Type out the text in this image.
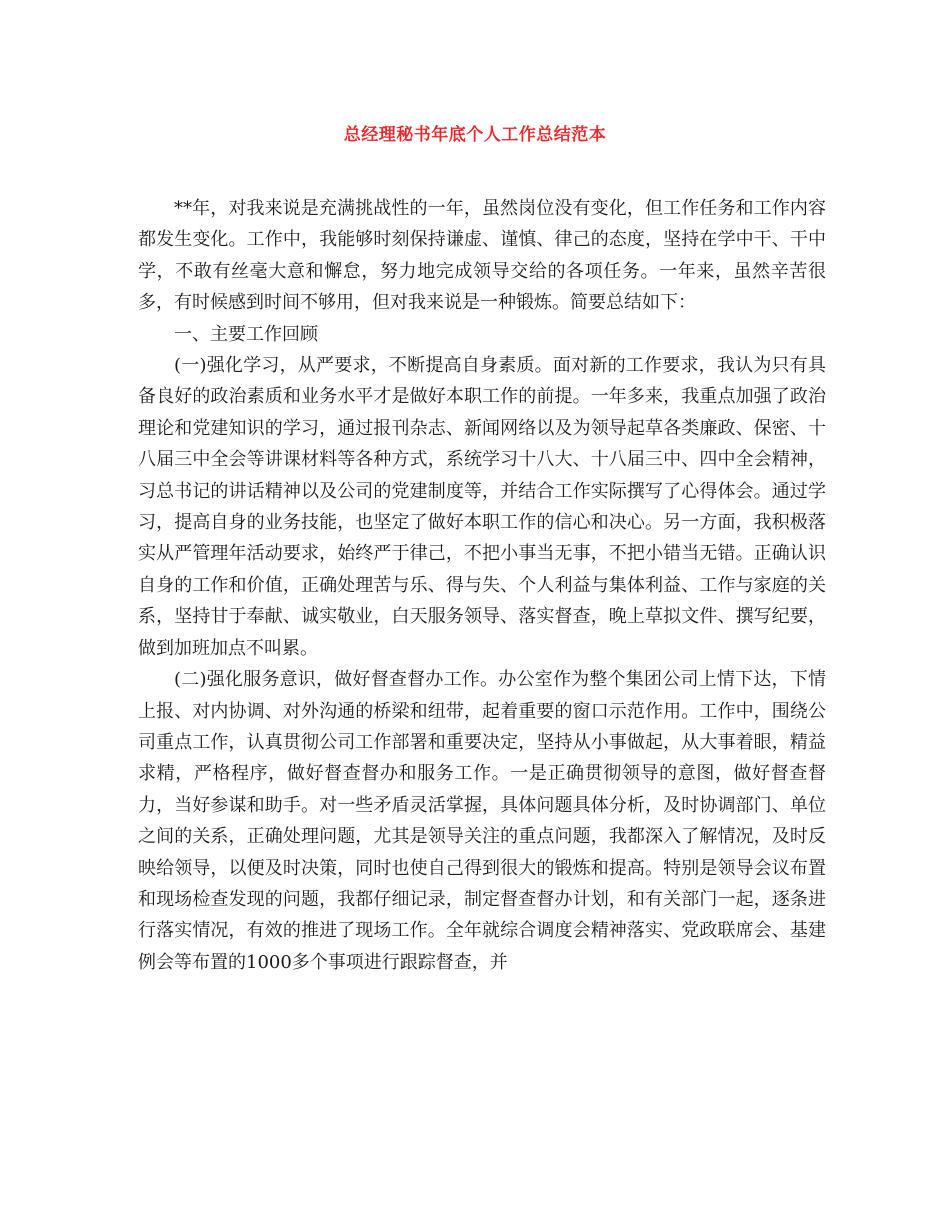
总经理秘书年底个人工作总结范本

**年，对我来说是充满挑战性的一年，虽然岗位没有变化，但工作任务和工作内容都发生变化。工作中，我能够时刻保持谦虚、谨慎、律己的态度，坚持在学中干、干中学，不敢有丝毫大意和懈怠，努力地完成领导交给的各项任务。一年来，虽然辛苦很多，有时候感到时间不够用，但对我来说是一种锻炼。简要总结如下：

一、主要工作回顾

(一)强化学习，从严要求，不断提高自身素质。面对新的工作要求，我认为只有具备良好的政治素质和业务水平才是做好本职工作的前提。一年多来，我重点加强了政治理论和党建知识的学习，通过报刊杂志、新闻网络以及为领导起草各类廉政、保密、十八届三中全会等讲课材料等各种方式，系统学习十八大、十八届三中、四中全会精神，习总书记的讲话精神以及公司的党建制度等，并结合工作实际撰写了心得体会。通过学习，提高自身的业务技能，也坚定了做好本职工作的信心和决心。另一方面，我积极落实从严管理年活动要求，始终严于律己，不把小事当无事，不把小错当无错。正确认识自身的工作和价值，正确处理苦与乐、得与失、个人利益与集体利益、工作与家庭的关系，坚持甘于奉献、诚实敬业，白天服务领导、落实督查，晚上草拟文件、撰写纪要，做到加班加点不叫累。

(二)强化服务意识，做好督查督办工作。办公室作为整个集团公司上情下达，下情上报、对内协调、对外沟通的桥梁和纽带，起着重要的窗口示范作用。工作中，围绕公司重点工作，认真贯彻公司工作部署和重要决定，坚持从小事做起，从大事着眼，精益求精，严格程序，做好督查督办和服务工作。一是正确贯彻领导的意图，做好督查督力，当好参谋和助手。对一些矛盾灵活掌握，具体问题具体分析，及时协调部门、单位之间的关系，正确处理问题，尤其是领导关注的重点问题，我都深入了解情况，及时反映给领导，以便及时决策，同时也使自己得到很大的锻炼和提高。特别是领导会议布置和现场检查发现的问题，我都仔细记录，制定督查督办计划，和有关部门一起，逐条进行落实情况，有效的推进了现场工作。全年就综合调度会精神落实、党政联席会、基建例会等布置的1000多个事项进行跟踪督查，并
